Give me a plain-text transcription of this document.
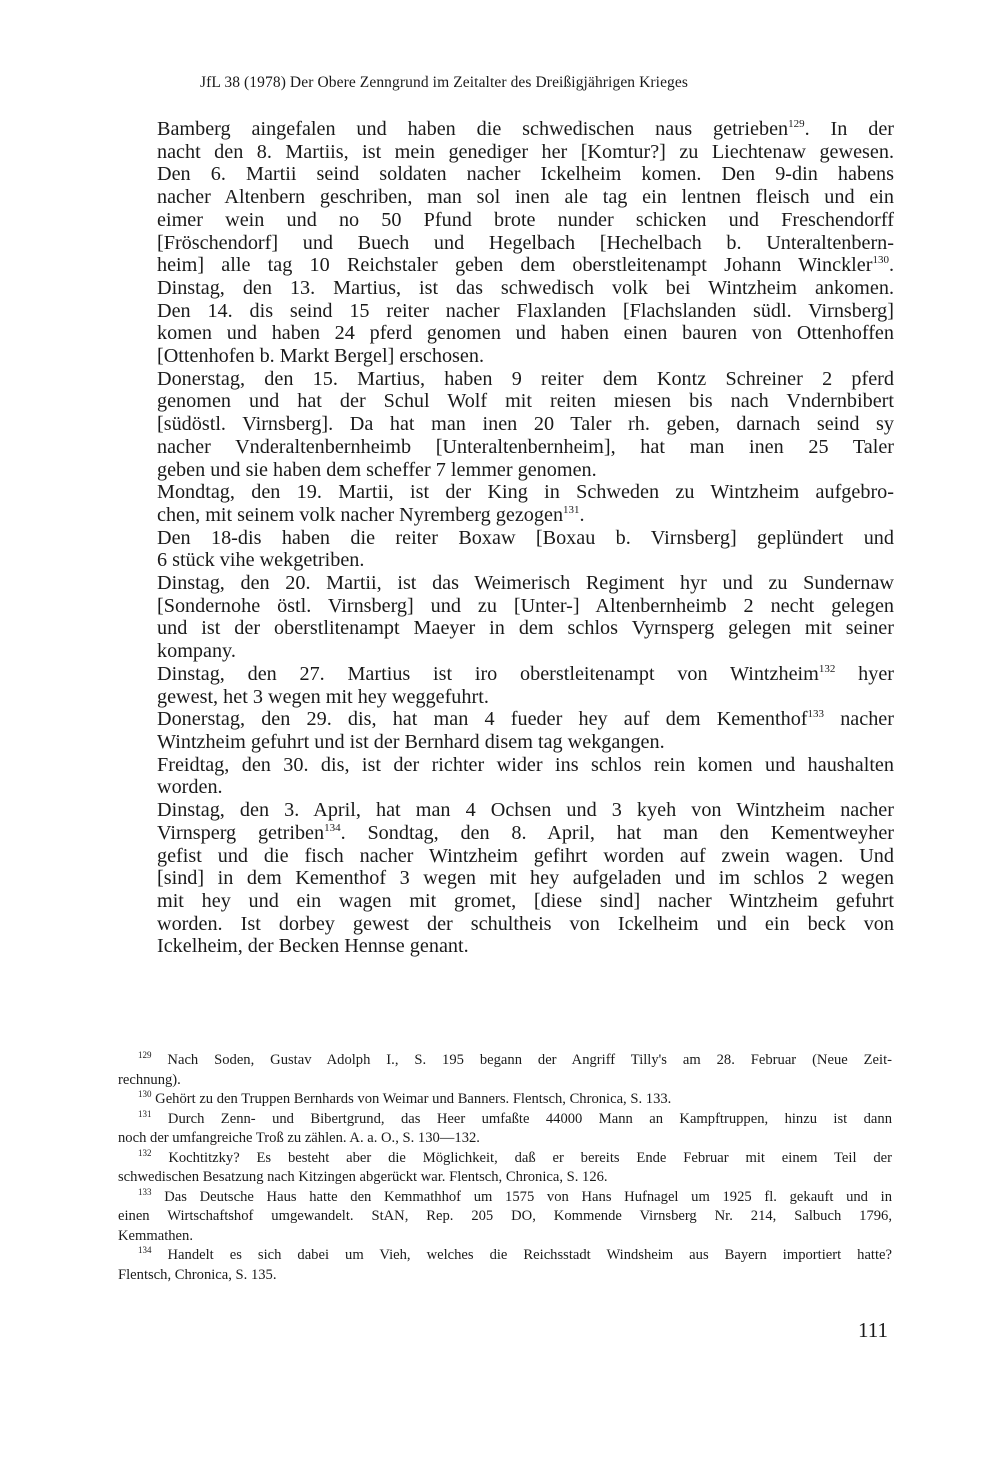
JfL 38 (1978) Der Obere Zenngrund im Zeitalter des Dreißigjährigen Krieges
Bamberg aingefalen und haben die schwedischen naus getrieben$^{129}$. In der
nacht den 8. Martiis, ist mein genediger her [Komtur?] zu Liechtenaw gewesen.
Den 6. Martii seind soldaten nacher Ickelheim komen. Den 9-din habens
nacher Altenbern geschriben, man sol inen ale tag ein lentnen fleisch und ein
eimer wein und no 50 Pfund brote nunder schicken und Freschendorff
[Fröschendorf] und Buech und Hegelbach [Hechelbach b. Unteraltenbern-
heim] alle tag 10 Reichstaler geben dem oberstleitenampt Johann Winckler$^{130}$.
Dinstag, den 13. Martius, ist das schwedisch volk bei Wintzheim ankomen.
Den 14. dis seind 15 reiter nacher Flaxlanden [Flachslanden südl. Virnsberg]
komen und haben 24 pferd genomen und haben einen bauren von Ottenhoffen
[Ottenhofen b. Markt Bergel] erschosen.
Donerstag, den 15. Martius, haben 9 reiter dem Kontz Schreiner 2 pferd
genomen und hat der Schul Wolf mit reiten miesen bis nach Vndernbibert
[südöstl. Virnsberg]. Da hat man inen 20 Taler rh. geben, darnach seind sy
nacher Vnderaltenbernheimb [Unteraltenbernheim], hat man inen 25 Taler
geben und sie haben dem scheffer 7 lemmer genomen.
Mondtag, den 19. Martii, ist der King in Schweden zu Wintzheim aufgebro-
chen, mit seinem volk nacher Nyremberg gezogen$^{131}$.
Den 18-dis haben die reiter Boxaw [Boxau b. Virnsberg] geplündert und
6 stück vihe wekgetriben.
Dinstag, den 20. Martii, ist das Weimerisch Regiment hyr und zu Sundernaw
[Sondernohe östl. Virnsberg] und zu [Unter-] Altenbernheimb 2 necht gelegen
und ist der oberstlitenampt Maeyer in dem schlos Vyrnsperg gelegen mit seiner
kompany.
Dinstag, den 27. Martius ist iro oberstleitenampt von Wintzheim$^{132}$ hyer
gewest, het 3 wegen mit hey weggefuhrt.
Donerstag, den 29. dis, hat man 4 fueder hey auf dem Kementhof$^{133}$ nacher
Wintzheim gefuhrt und ist der Bernhard disem tag wekgangen.
Freidtag, den 30. dis, ist der richter wider ins schlos rein komen und haushalten
worden.
Dinstag, den 3. April, hat man 4 Ochsen und 3 kyeh von Wintzheim nacher
Virnsperg getriben$^{134}$. Sondtag, den 8. April, hat man den Kementweyher
gefist und die fisch nacher Wintzheim gefihrt worden auf zwein wagen. Und
[sind] in dem Kementhof 3 wegen mit hey aufgeladen und im schlos 2 wegen
mit hey und ein wagen mit gromet, [diese sind] nacher Wintzheim gefuhrt
worden. Ist dorbey gewest der schultheis von Ickelheim und ein beck von
Ickelheim, der Becken Hennse genant.
$^{129}$ Nach Soden, Gustav Adolph I., S. 195 begann der Angriff Tilly's am 28. Februar (Neue Zeit-
rechnung).
$^{130}$ Gehört zu den Truppen Bernhards von Weimar und Banners. Flentsch, Chronica, S. 133.
$^{131}$ Durch Zenn- und Bibertgrund, das Heer umfaßte 44000 Mann an Kampftruppen, hinzu ist dann
noch der umfangreiche Troß zu zählen. A. a. O., S. 130—132.
$^{132}$ Kochtitzky? Es besteht aber die Möglichkeit, daß er bereits Ende Februar mit einem Teil der
schwedischen Besatzung nach Kitzingen abgerückt war. Flentsch, Chronica, S. 126.
$^{133}$ Das Deutsche Haus hatte den Kemmathhof um 1575 von Hans Hufnagel um 1925 fl. gekauft und in
einen Wirtschaftshof umgewandelt. StAN, Rep. 205 DO, Kommende Virnsberg Nr. 214, Salbuch 1796,
Kemmathen.
$^{134}$ Handelt es sich dabei um Vieh, welches die Reichsstadt Windsheim aus Bayern importiert hatte?
Flentsch, Chronica, S. 135.
111
